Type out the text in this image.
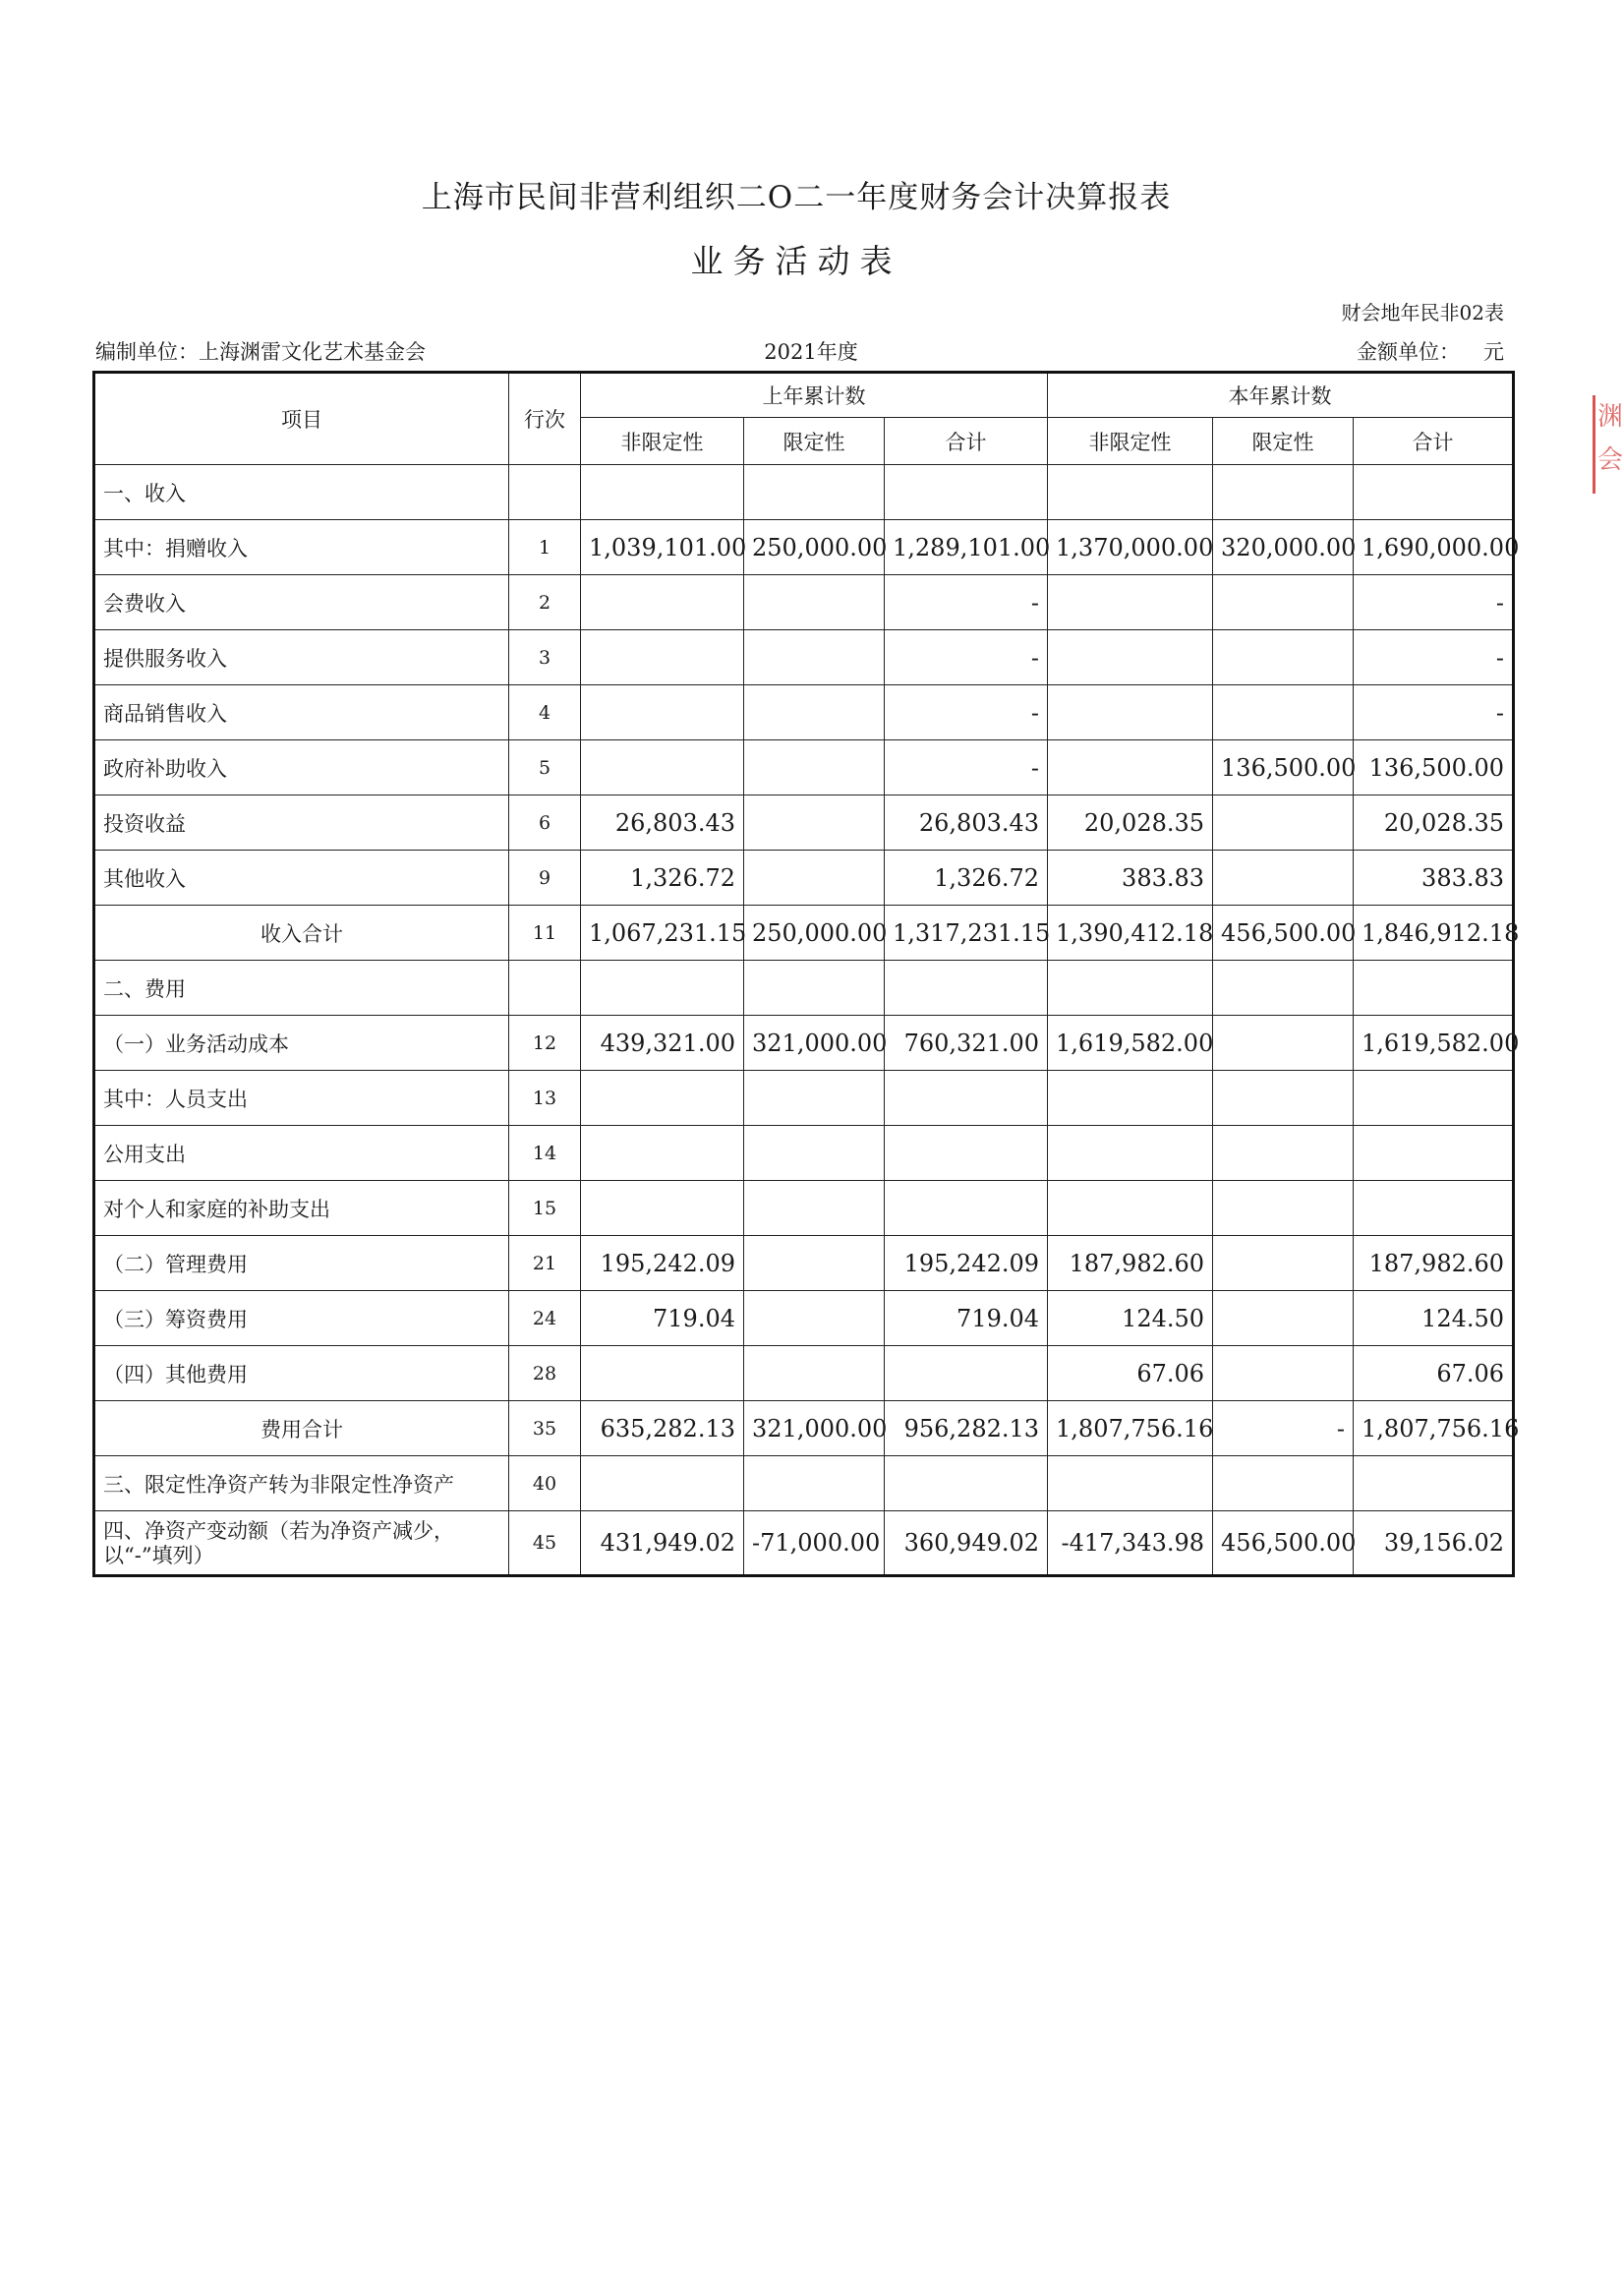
上海市民间非营利组织二O二一年度财务会计决算报表
业务活动表
财会地年民非02表
编制单位：上海渊雷文化艺术基金会	2021年度	金额单位： 元
渊
会
项目	行次	上年累计数			本年累计数		
		非限定性	限定性	合计	非限定性	限定性	合计
一、收入							
其中：捐赠收入	1	1,039,101.00	250,000.00	1,289,101.00	1,370,000.00	320,000.00	1,690,000.00
会费收入	2			-			-
提供服务收入	3			-			-
商品销售收入	4			-			-
政府补助收入	5			-		136,500.00	136,500.00
投资收益	6	26,803.43		26,803.43	20,028.35		20,028.35
其他收入	9	1,326.72		1,326.72	383.83		383.83
收入合计	11	1,067,231.15	250,000.00	1,317,231.15	1,390,412.18	456,500.00	1,846,912.18
二、费用							
（一）业务活动成本	12	439,321.00	321,000.00	760,321.00	1,619,582.00		1,619,582.00
其中：人员支出	13						
公用支出	14						
对个人和家庭的补助支出	15						
（二）管理费用	21	195,242.09		195,242.09	187,982.60		187,982.60
（三）筹资费用	24	719.04		719.04	124.50		124.50
（四）其他费用	28				67.06		67.06
费用合计	35	635,282.13	321,000.00	956,282.13	1,807,756.16	-	1,807,756.16
三、限定性净资产转为非限定性净资产	40						
四、净资产变动额（若为净资产减少，以“-”填列）	45	431,949.02	-71,000.00	360,949.02	-417,343.98	456,500.00	39,156.02
